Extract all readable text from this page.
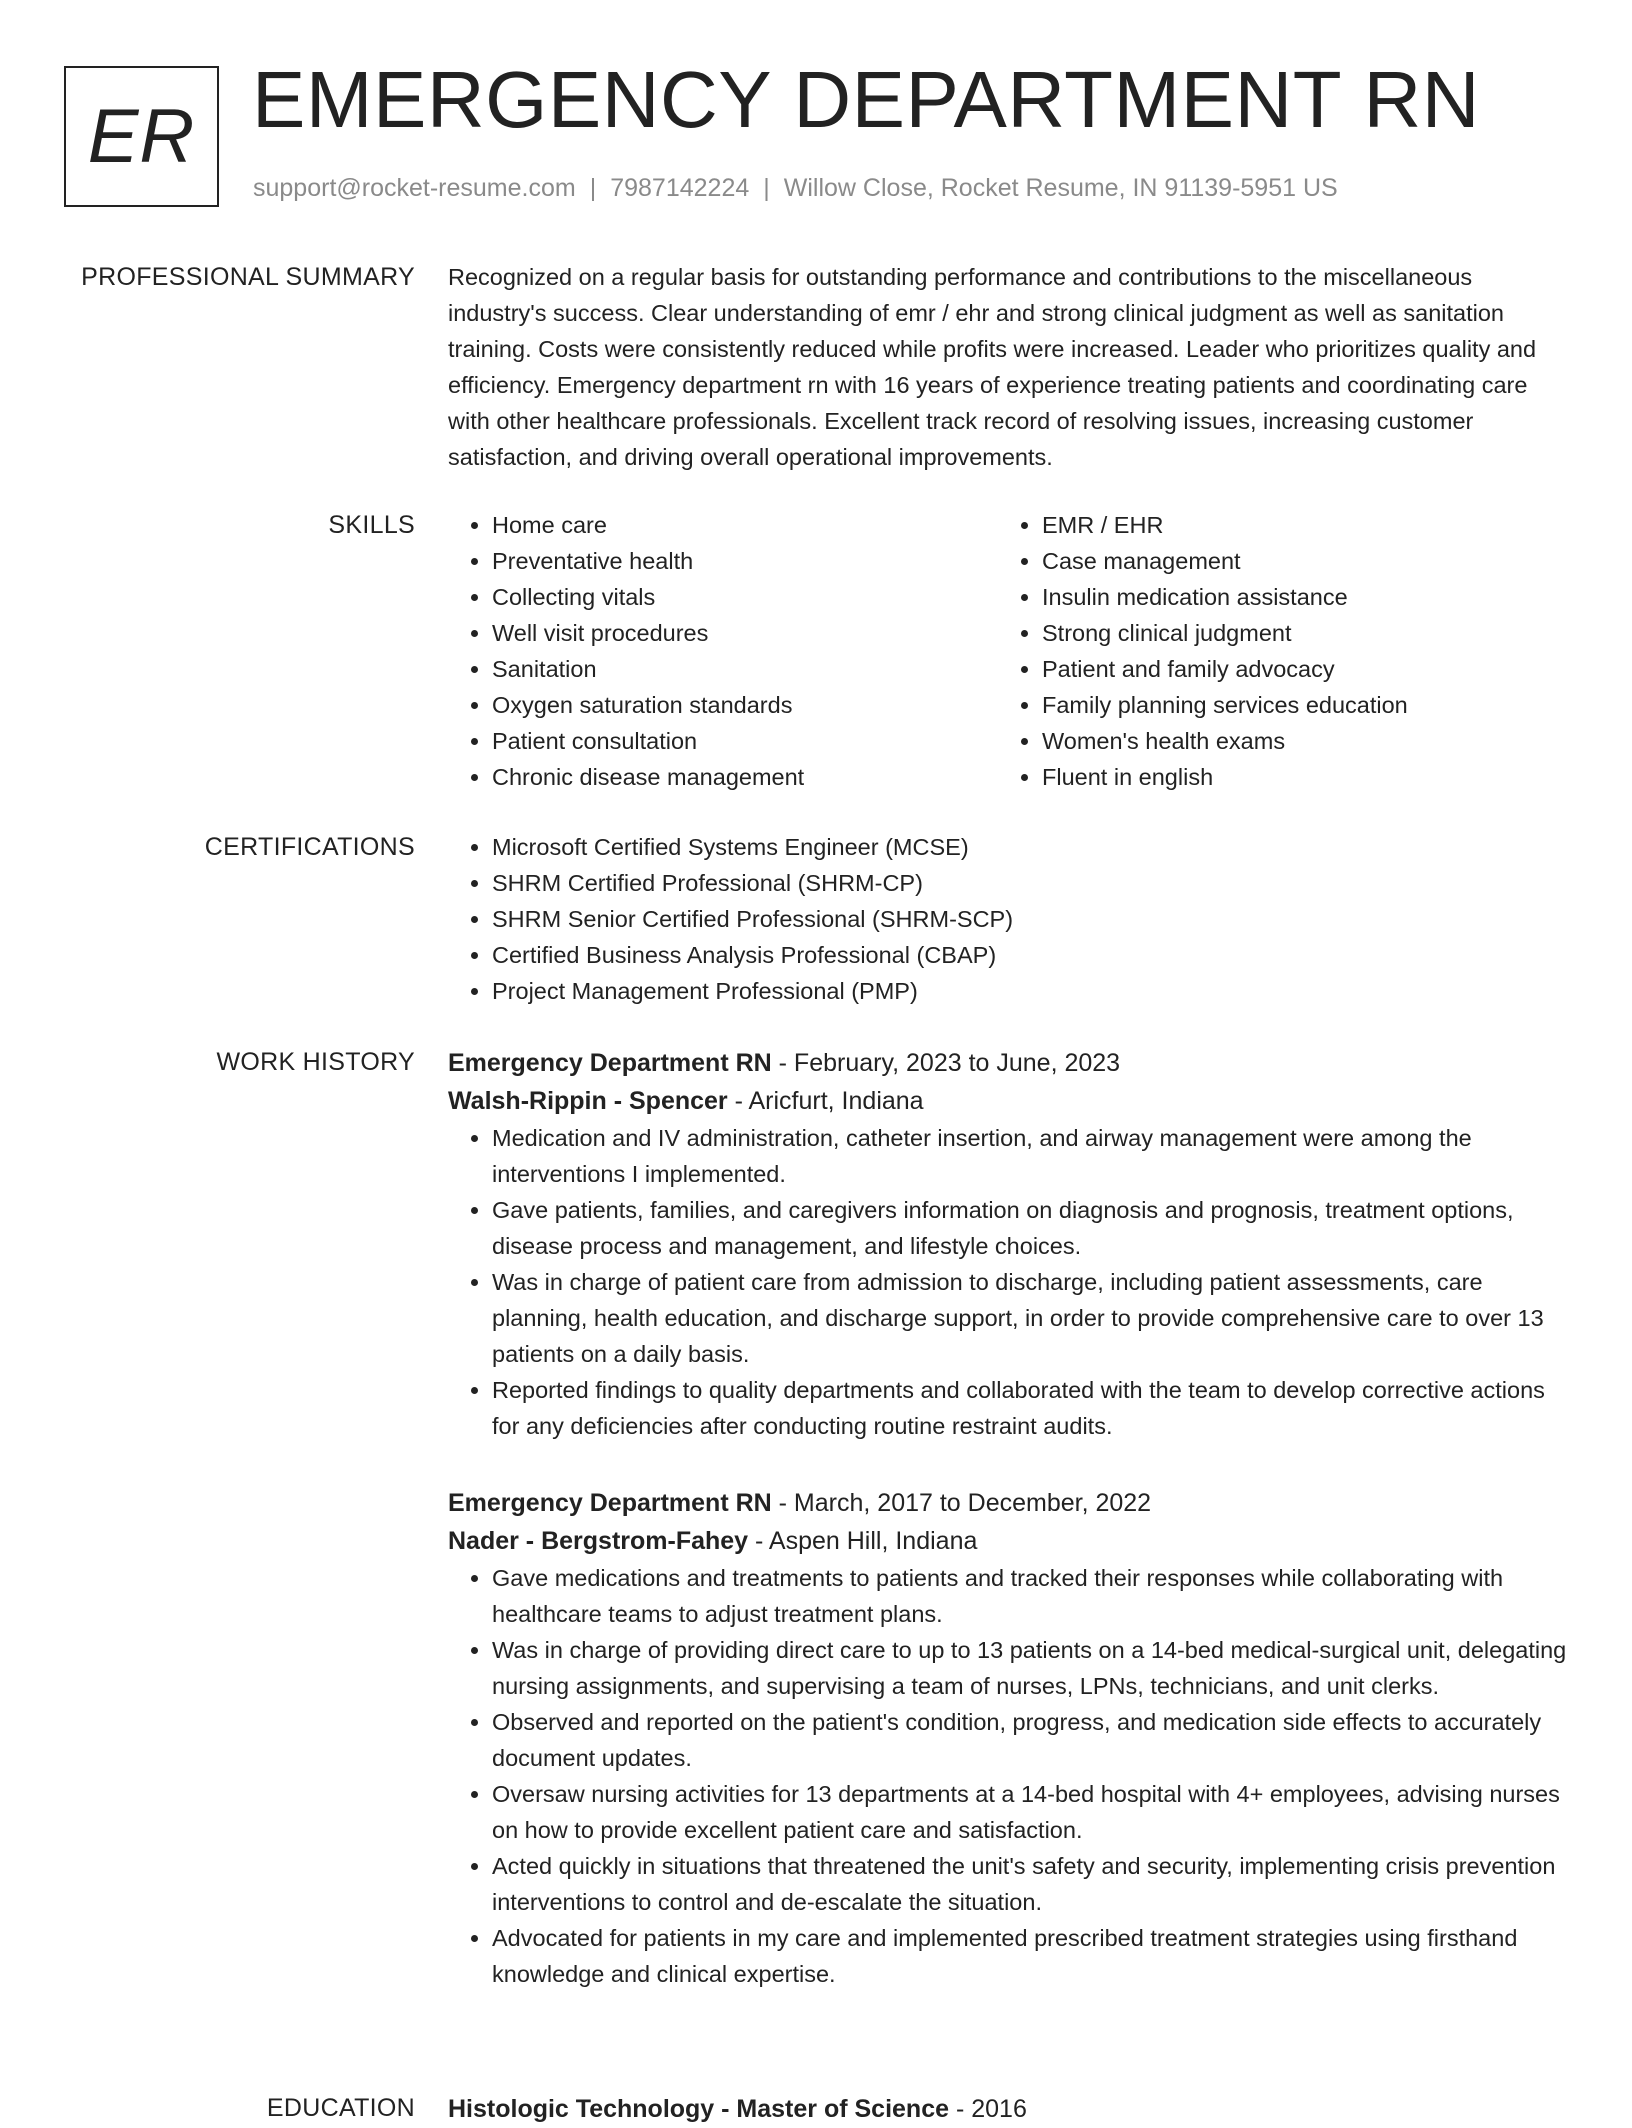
ER EMERGENCY DEPARTMENT RN
support@rocket-resume.com | 7987142224 | Willow Close, Rocket Resume, IN 91139-5951 US
PROFESSIONAL SUMMARY Recognized on a regular basis for outstanding performance and contributions to the miscellaneous industry's success. Clear understanding of emr / ehr and strong clinical judgment as well as sanitation training. Costs were consistently reduced while profits were increased. Leader who prioritizes quality and efficiency. Emergency department rn with 16 years of experience treating patients and coordinating care with other healthcare professionals. Excellent track record of resolving issues, increasing customer satisfaction, and driving overall operational improvements.
SKILLS	• Home care
• Preventative health
• Collecting vitals
• Well visit procedures
• Sanitation
• Oxygen saturation standards
• Patient consultation
• Chronic disease management
• EMR / EHR
• Case management
• Insulin medication assistance
• Strong clinical judgment
• Patient and family advocacy
• Family planning services education
• Women's health exams
• Fluent in english
CERTIFICATIONS	• Microsoft Certified Systems Engineer (MCSE)
• SHRM Certified Professional (SHRM-CP)
• SHRM Senior Certified Professional (SHRM-SCP)
• Certified Business Analysis Professional (CBAP)
• Project Management Professional (PMP)
WORK HISTORY Emergency Department RN - February, 2023 to June, 2023
Walsh-Rippin - Spencer - Aricfurt, Indiana
• Medication and IV administration, catheter insertion, and airway management were among the interventions I implemented.
• Gave patients, families, and caregivers information on diagnosis and prognosis, treatment options, disease process and management, and lifestyle choices.
• Was in charge of patient care from admission to discharge, including patient assessments, care planning, health education, and discharge support, in order to provide comprehensive care to over 13 patients on a daily basis.
• Reported findings to quality departments and collaborated with the team to develop corrective actions for any deficiencies after conducting routine restraint audits.
Emergency Department RN - March, 2017 to December, 2022
Nader - Bergstrom-Fahey - Aspen Hill, Indiana
• Gave medications and treatments to patients and tracked their responses while collaborating with healthcare teams to adjust treatment plans.
• Was in charge of providing direct care to up to 13 patients on a 14-bed medical-surgical unit, delegating nursing assignments, and supervising a team of nurses, LPNs, technicians, and unit clerks.
• Observed and reported on the patient's condition, progress, and medication side effects to accurately document updates.
• Oversaw nursing activities for 13 departments at a 14-bed hospital with 4+ employees, advising nurses on how to provide excellent patient care and satisfaction.
• Acted quickly in situations that threatened the unit's safety and security, implementing crisis prevention interventions to control and de-escalate the situation.
• Advocated for patients in my care and implemented prescribed treatment strategies using firsthand knowledge and clinical expertise.
EDUCATION Histologic Technology - Master of Science - 2016
